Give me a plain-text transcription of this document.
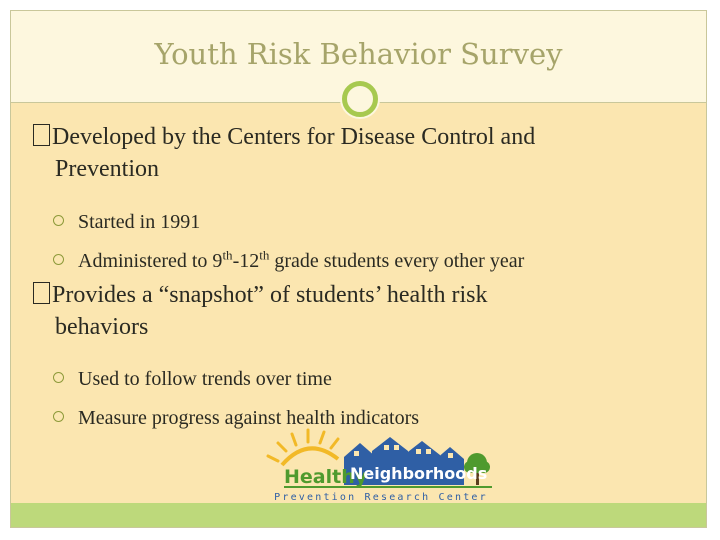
Youth Risk Behavior Survey
Developed by the Centers for Disease Control and
Prevention
Started in 1991
Administered to 9th-12th grade students every other year
Provides a “snapshot” of students’ health risk
behaviors
Used to follow trends over time
Measure progress against health indicators
Healthy
Neighborhoods
Prevention Research Center
